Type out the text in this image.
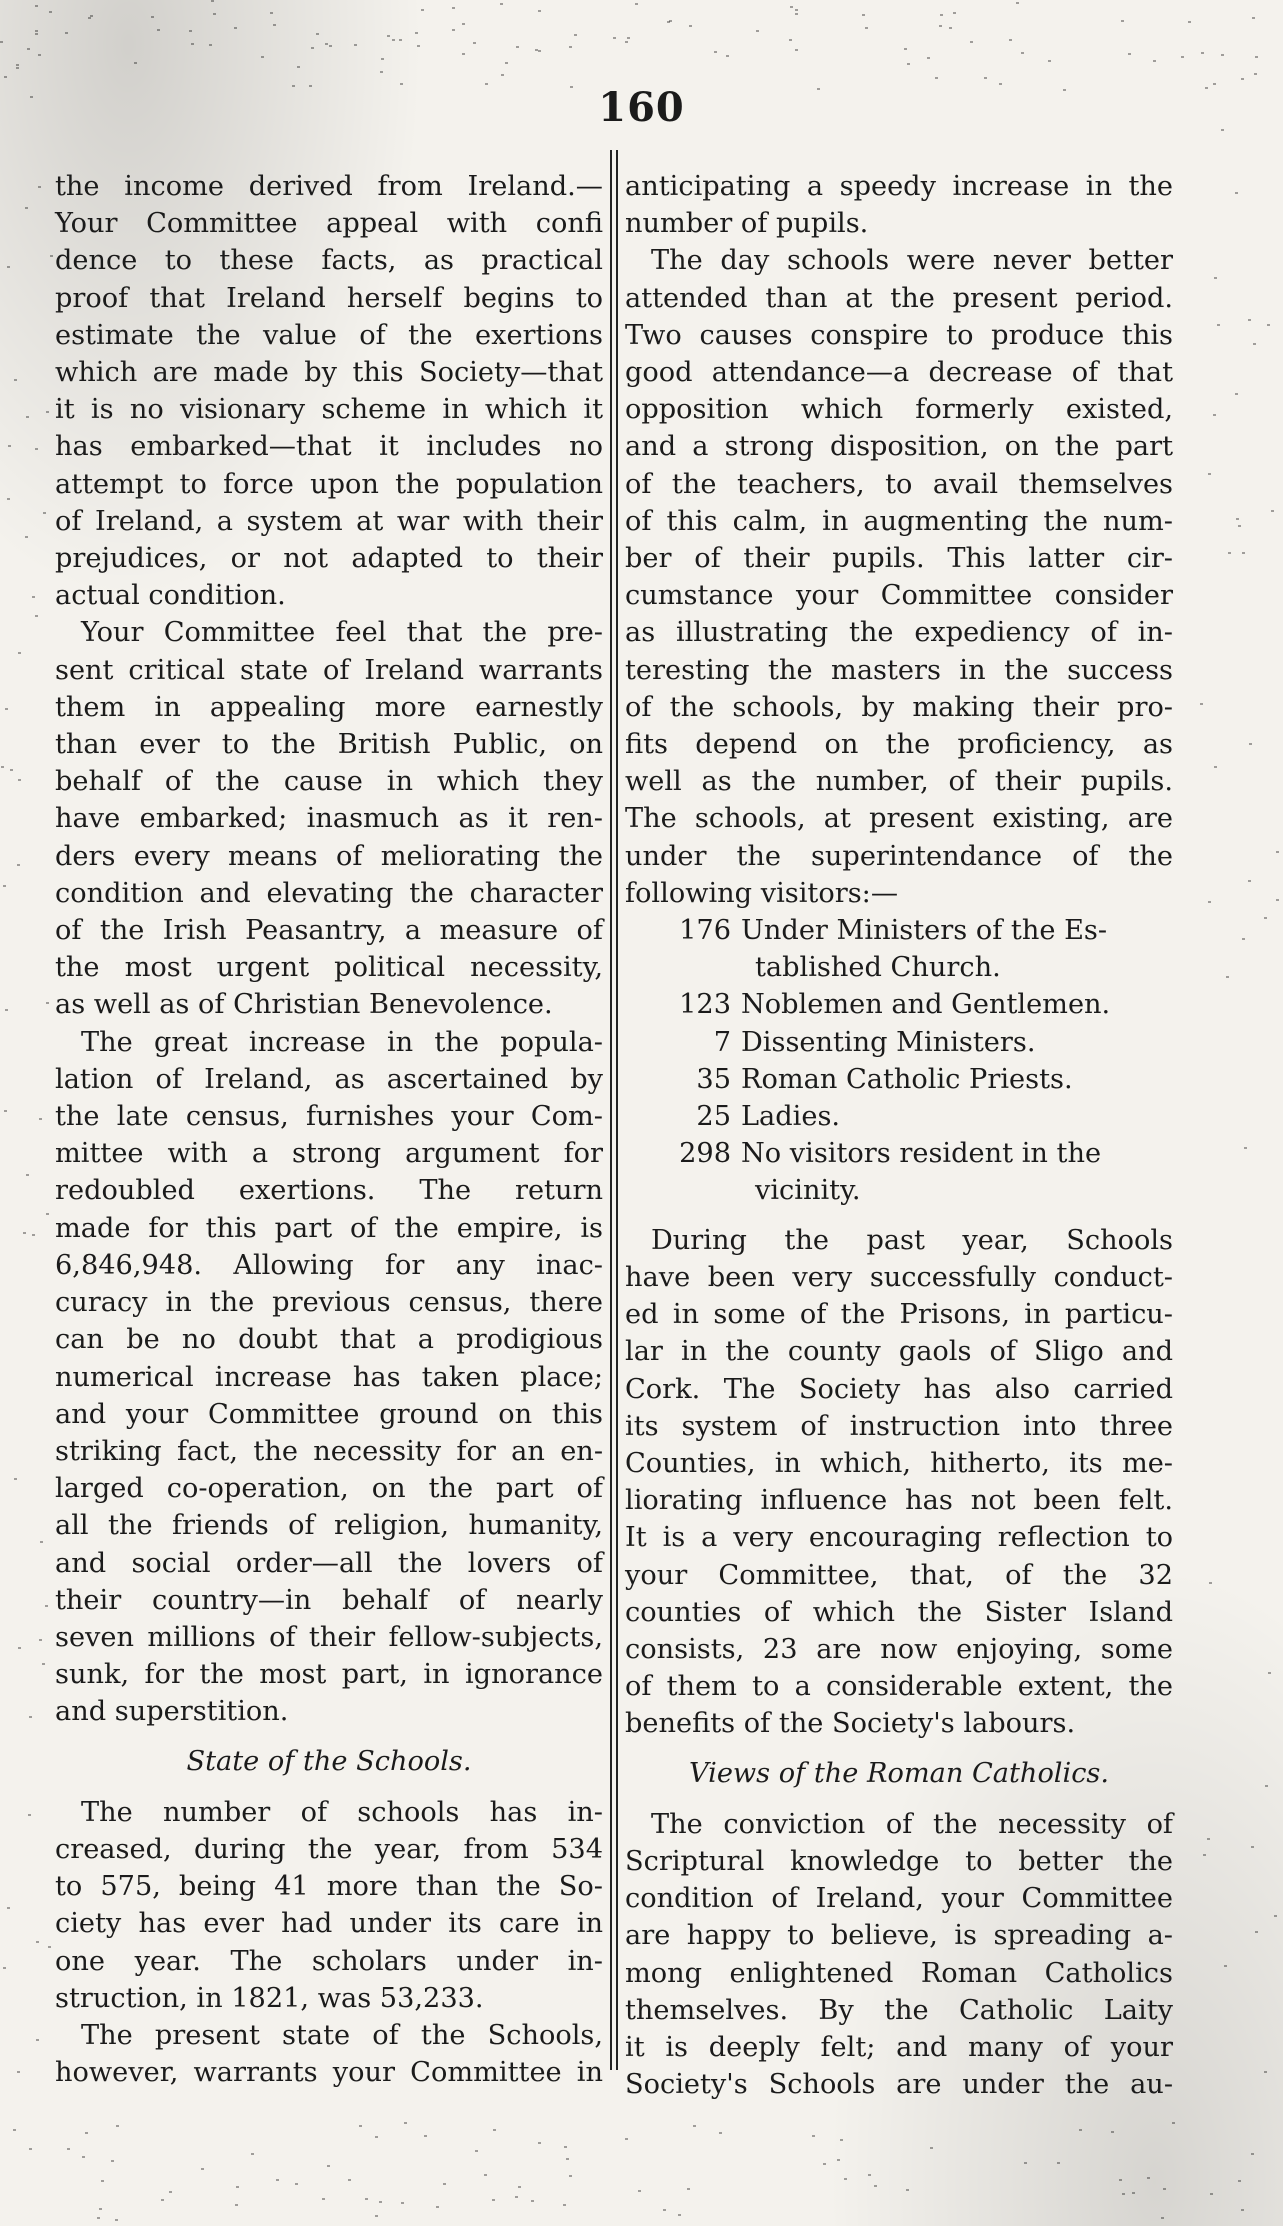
160
the income derived from Ireland.—
Your Committee appeal with confi
dence to these facts, as practical
proof that Ireland herself begins to
estimate the value of the exertions
which are made by this Society—that
it is no visionary scheme in which it
has embarked—that it includes no
attempt to force upon the population
of Ireland, a system at war with their
prejudices, or not adapted to their
actual condition.
Your Committee feel that the pre-
sent critical state of Ireland warrants
them in appealing more earnestly
than ever to the British Public, on
behalf of the cause in which they
have embarked; inasmuch as it ren-
ders every means of meliorating the
condition and elevating the character
of the Irish Peasantry, a measure of
the most urgent political necessity,
as well as of Christian Benevolence.
The great increase in the popula-
lation of Ireland, as ascertained by
the late census, furnishes your Com-
mittee with a strong argument for
redoubled exertions. The return
made for this part of the empire, is
6,846,948. Allowing for any inac-
curacy in the previous census, there
can be no doubt that a prodigious
numerical increase has taken place;
and your Committee ground on this
striking fact, the necessity for an en-
larged co-operation, on the part of
all the friends of religion, humanity,
and social order—all the lovers of
their country—in behalf of nearly
seven millions of their fellow-subjects,
sunk, for the most part, in ignorance
and superstition.
State of the Schools.
The number of schools has in-
creased, during the year, from 534
to 575, being 41 more than the So-
ciety has ever had under its care in
one year. The scholars under in-
struction, in 1821, was 53,233.
The present state of the Schools,
however, warrants your Committee in
anticipating a speedy increase in the
number of pupils.
The day schools were never better
attended than at the present period.
Two causes conspire to produce this
good attendance—a decrease of that
opposition which formerly existed,
and a strong disposition, on the part
of the teachers, to avail themselves
of this calm, in augmenting the num-
ber of their pupils. This latter cir-
cumstance your Committee consider
as illustrating the expediency of in-
teresting the masters in the success
of the schools, by making their pro-
fits depend on the proficiency, as
well as the number, of their pupils.
The schools, at present existing, are
under the superintendance of the
following visitors:—
176 Under Ministers of the Es-
tablished Church.
123 Noblemen and Gentlemen.
7 Dissenting Ministers.
35 Roman Catholic Priests.
25 Ladies.
298 No visitors resident in the
vicinity.
During the past year, Schools
have been very successfully conduct-
ed in some of the Prisons, in particu-
lar in the county gaols of Sligo and
Cork. The Society has also carried
its system of instruction into three
Counties, in which, hitherto, its me-
liorating influence has not been felt.
It is a very encouraging reflection to
your Committee, that, of the 32
counties of which the Sister Island
consists, 23 are now enjoying, some
of them to a considerable extent, the
benefits of the Society's labours.
Views of the Roman Catholics.
The conviction of the necessity of
Scriptural knowledge to better the
condition of Ireland, your Committee
are happy to believe, is spreading a-
mong enlightened Roman Catholics
themselves. By the Catholic Laity
it is deeply felt; and many of your
Society's Schools are under the au-
